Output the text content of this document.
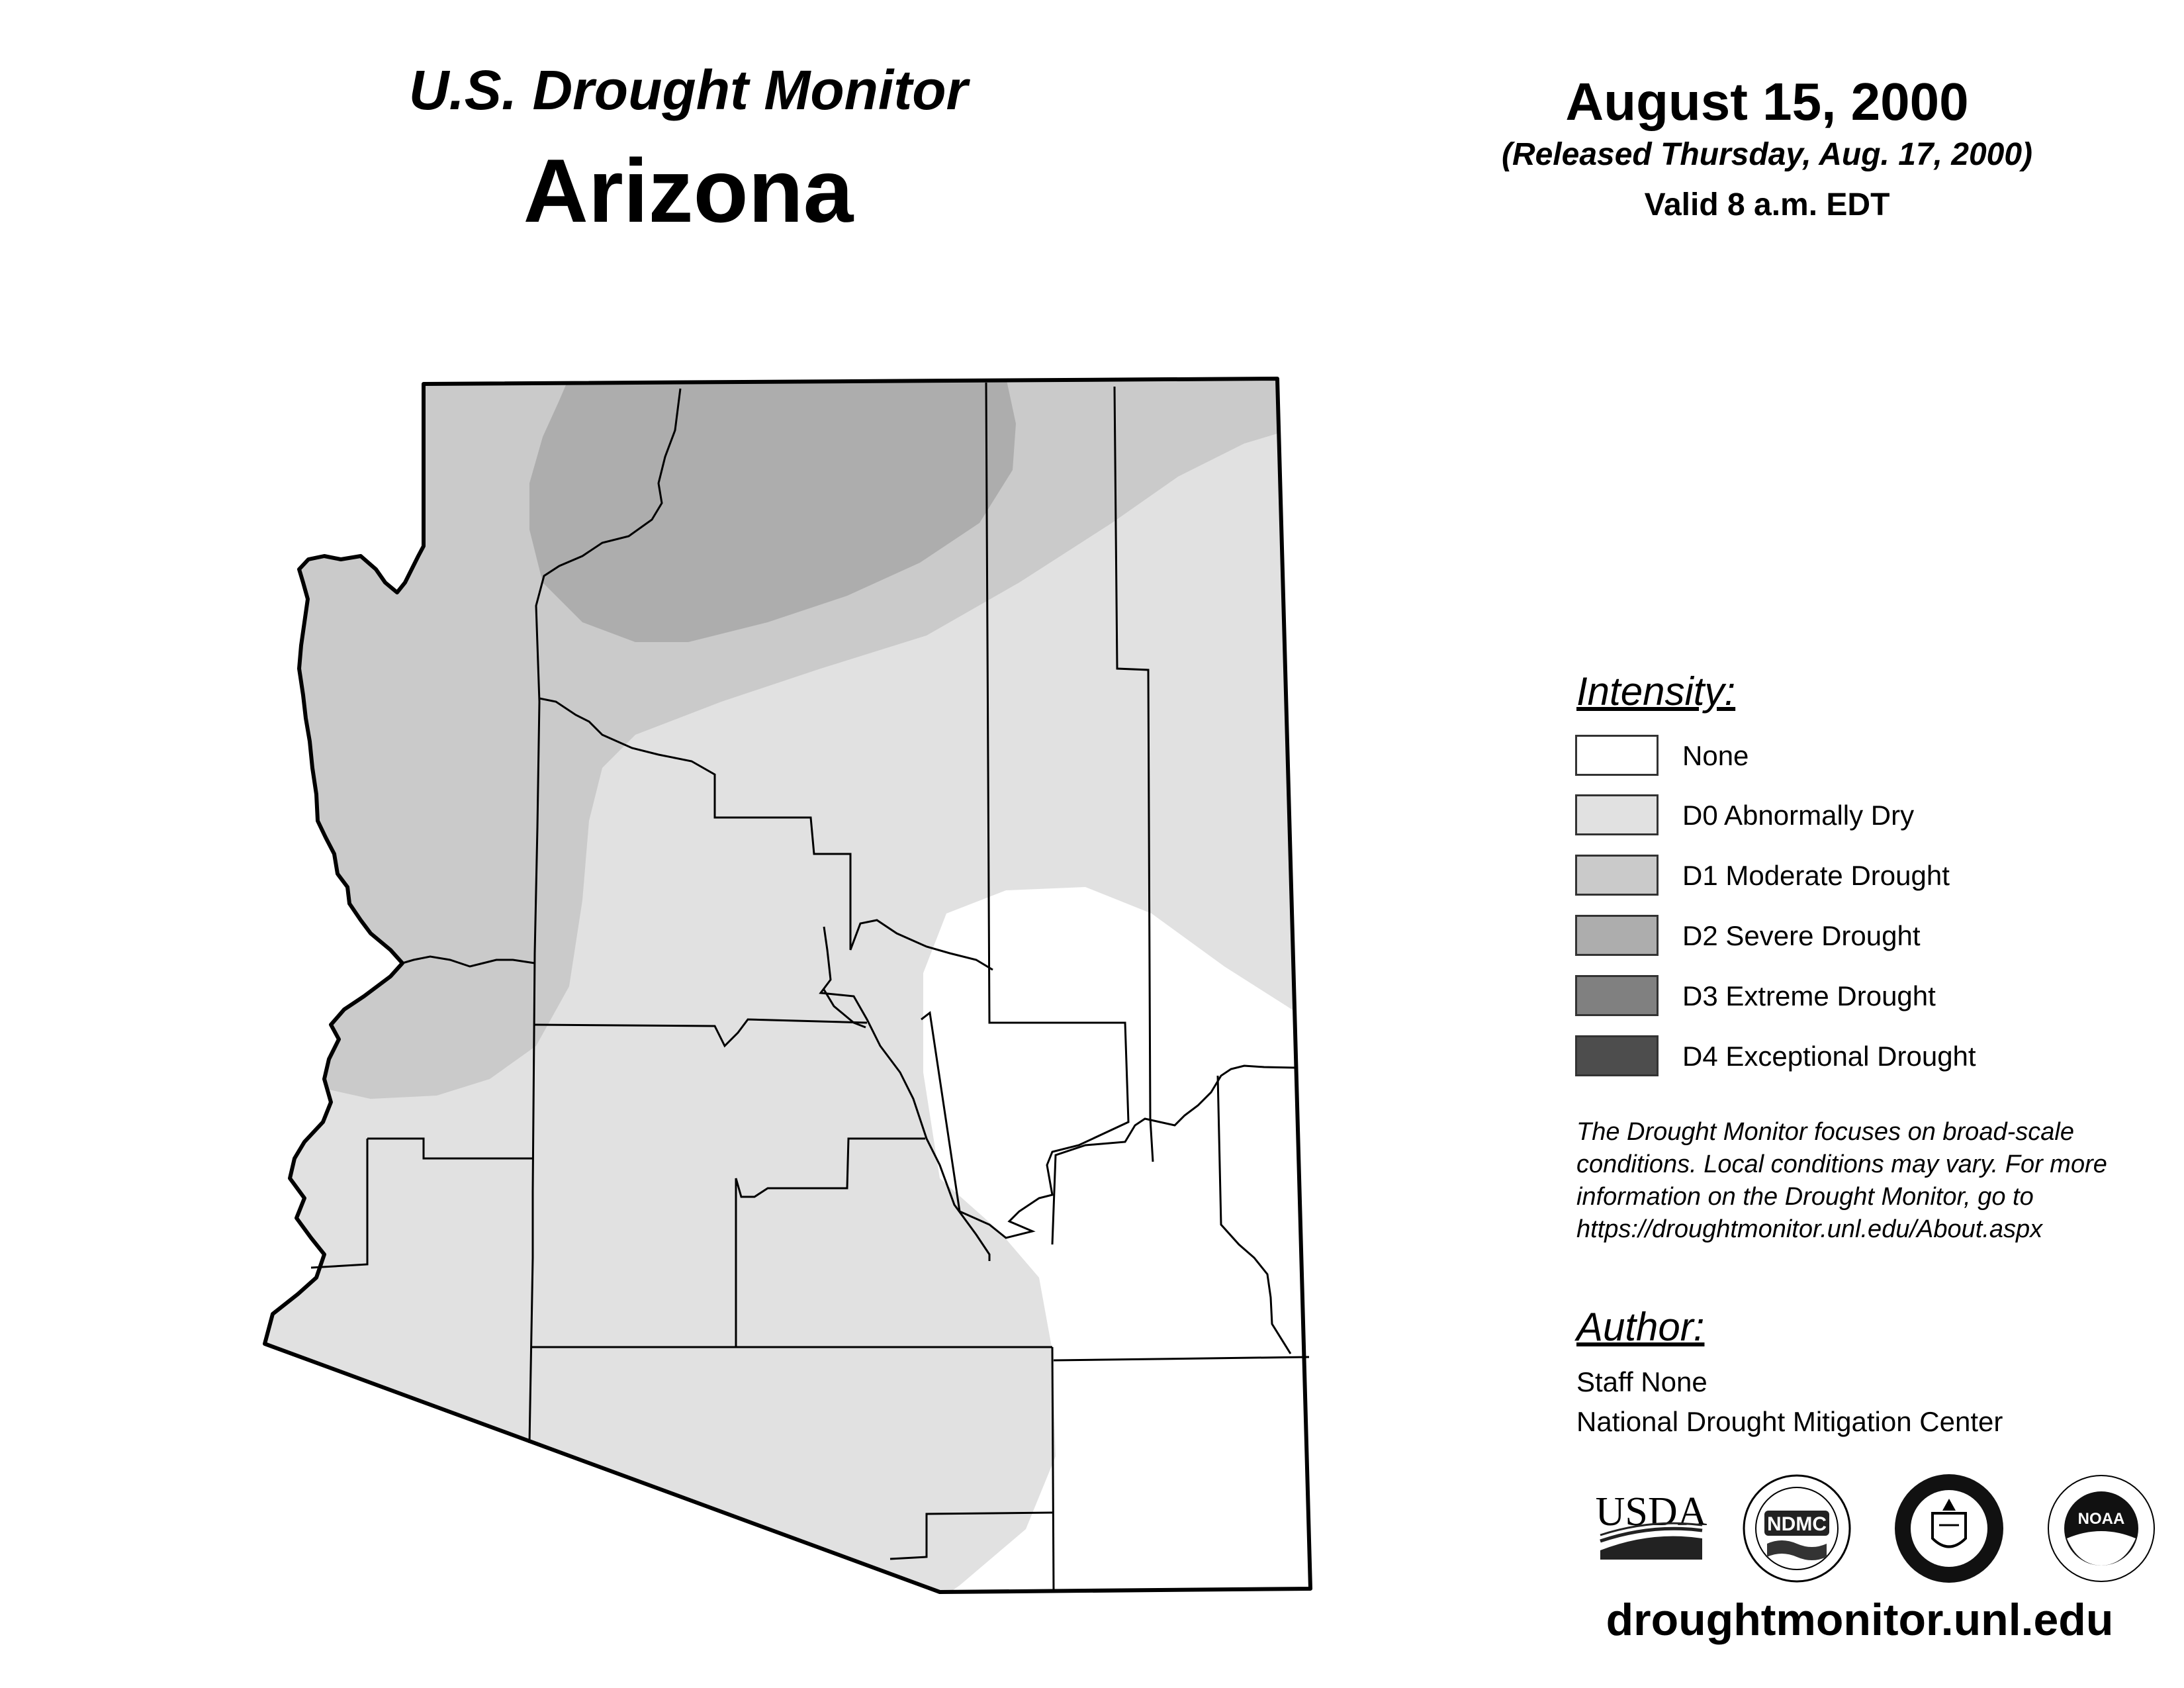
U.S. Drought Monitor
Arizona
August 15, 2000
(Released Thursday, Aug. 17, 2000)
Valid 8 a.m. EDT
Intensity:
None
D0 Abnormally Dry
D1 Moderate Drought
D2 Severe Drought
D3 Extreme Drought
D4 Exceptional Drought
The Drought Monitor focuses on broad-scale conditions. Local conditions may vary. For more information on the Drought Monitor, go to https://droughtmonitor.unl.edu/About.aspx
Author:
Staff None
National Drought Mitigation Center
USDA	NDMC	NOAA
droughtmonitor.unl.edu
